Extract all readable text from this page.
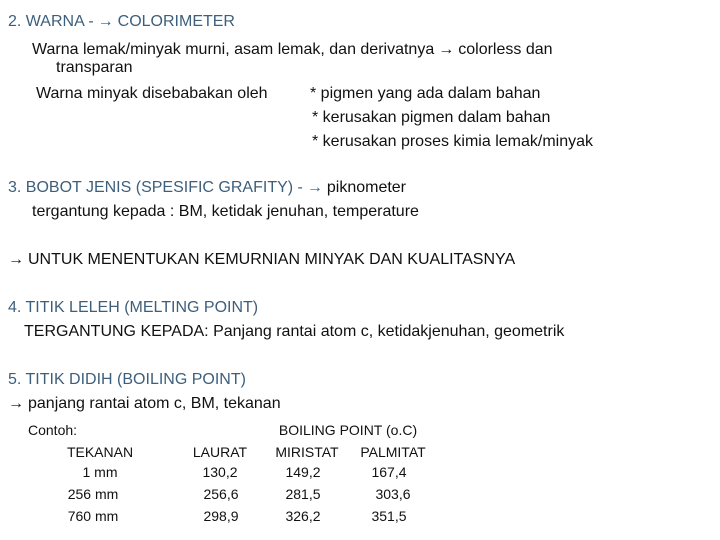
2. WARNA - → COLORIMETER
Warna lemak/minyak murni, asam lemak, dan derivatnya → colorless dan
transparan
Warna minyak disebabakan oleh	* pigmen yang ada dalam bahan
* kerusakan pigmen dalam bahan
* kerusakan proses kimia lemak/minyak
3. BOBOT JENIS (SPESIFIC GRAFITY) - → piknometer
tergantung kepada : BM, ketidak jenuhan, temperature
→ UNTUK MENENTUKAN KEMURNIAN MINYAK DAN KUALITASNYA
4. TITIK LELEH (MELTING POINT)
TERGANTUNG KEPADA: Panjang rantai atom c, ketidakjenuhan, geometrik
5. TITIK DIDIH (BOILING POINT)
→ panjang rantai atom c, BM, tekanan
Contoh:	BOILING POINT (o.C)
TEKANAN	LAURAT	MIRISTAT	PALMITAT
1 mm	130,2	149,2	167,4
256 mm	256,6	281,5	303,6
760 mm	298,9	326,2	351,5
